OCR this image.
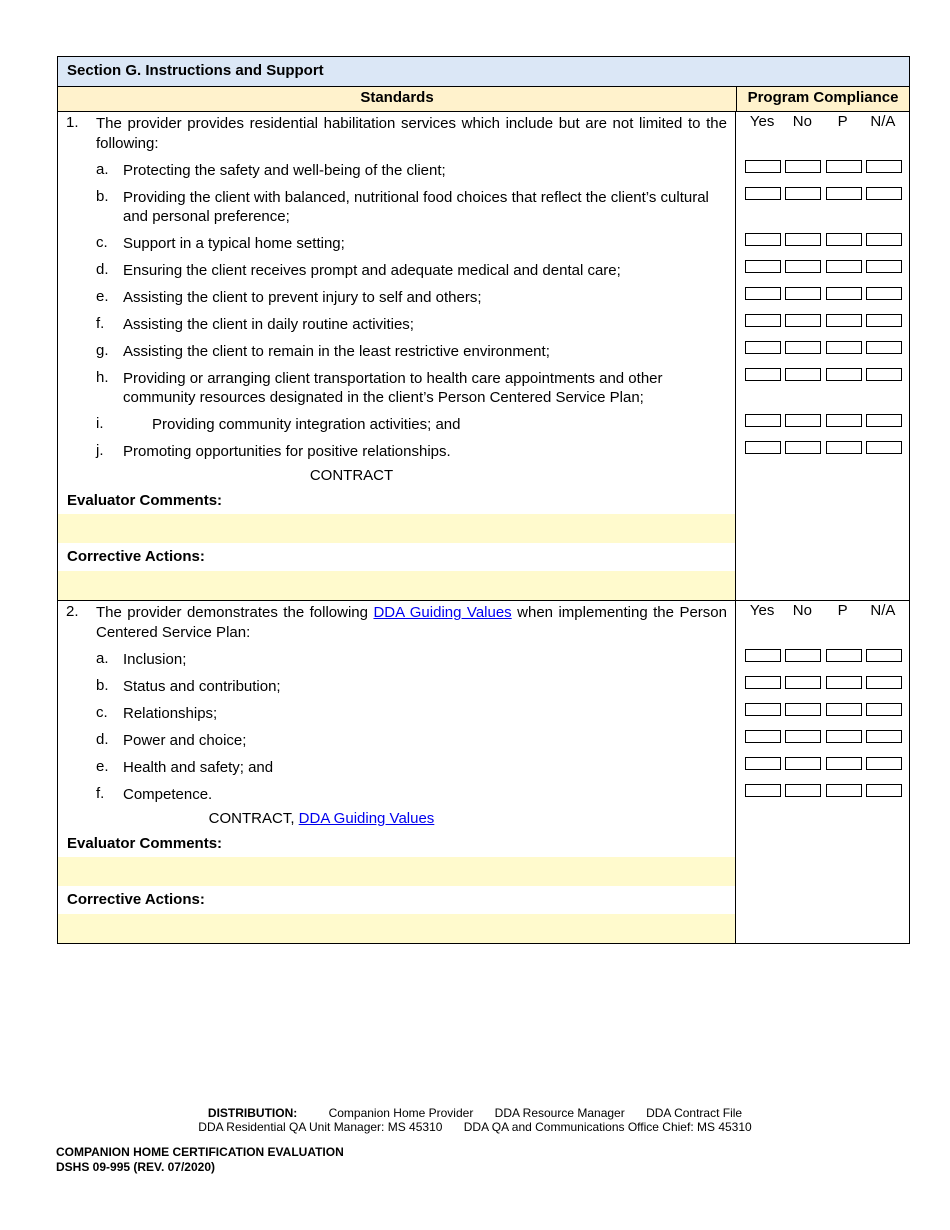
Section G. Instructions and Support
Standards	Program Compliance
1.	The provider provides residential habilitation services which include but are not limited to the following:
Yes	No	P	N/A
a. Protecting the safety and well-being of the client;
b. Providing the client with balanced, nutritional food choices that reflect the client’s cultural and personal preference;
c.	Support in a typical home setting;
d. Ensuring the client receives prompt and adequate medical and dental care;
e. Assisting the client to prevent injury to self and others;
f.	Assisting the client in daily routine activities;
g. Assisting the client to remain in the least restrictive environment;
h. Providing or arranging client transportation to health care appointments and other community resources designated in the client’s Person Centered Service Plan;
i.	Providing community integration activities; and
j.	Promoting opportunities for positive relationships.
CONTRACT
Evaluator Comments:
Corrective Actions:
2.	The provider demonstrates the following DDA Guiding Values when implementing the Person Centered Service Plan:
Yes	No	P	N/A
a. Inclusion;
b. Status and contribution;
c.	Relationships;
d. Power and choice;
e. Health and safety; and
f.	Competence.
CONTRACT, DDA Guiding Values
Evaluator Comments:
Corrective Actions:
DISTRIBUTION:	Companion Home Provider DDA Resource Manager DDA Contract File
DDA Residential QA Unit Manager: MS 45310 DDA QA and Communications Office Chief: MS 45310
COMPANION HOME CERTIFICATION EVALUATION
DSHS 09-995 (REV. 07/2020)
